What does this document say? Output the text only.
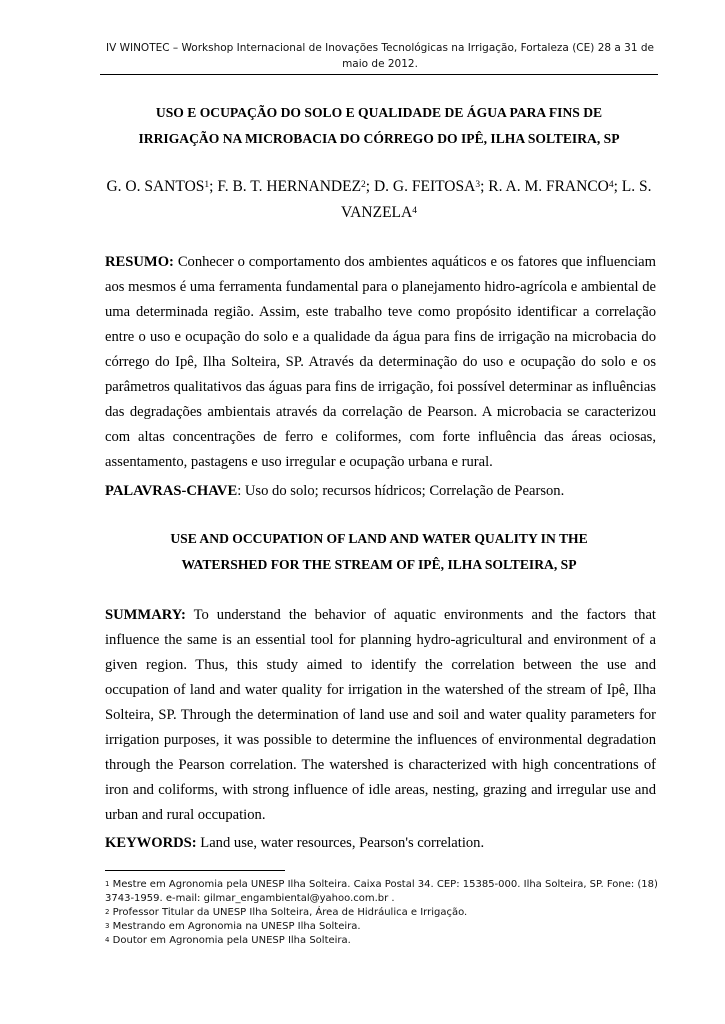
IV WINOTEC – Workshop Internacional de Inovações Tecnológicas na Irrigação, Fortaleza (CE) 28 a 31 de
maio de 2012.
USO E OCUPAÇÃO DO SOLO E QUALIDADE DE ÁGUA PARA FINS DE
IRRIGAÇÃO NA MICROBACIA DO CÓRREGO DO IPÊ, ILHA SOLTEIRA, SP
G. O. SANTOS$^1$; F. B. T. HERNANDEZ$^2$; D. G. FEITOSA$^3$; R. A. M. FRANCO$^4$; L. S. VANZELA$^4$
RESUMO: Conhecer o comportamento dos ambientes aquáticos e os fatores que influenciam aos mesmos é uma ferramenta fundamental para o planejamento hidro-agrícola e ambiental de uma determinada região. Assim, este trabalho teve como propósito identificar a correlação entre o uso e ocupação do solo e a qualidade da água para fins de irrigação na microbacia do córrego do Ipê, Ilha Solteira, SP. Através da determinação do uso e ocupação do solo e os parâmetros qualitativos das águas para fins de irrigação, foi possível determinar as influências das degradações ambientais através da correlação de Pearson. A microbacia se caracterizou com altas concentrações de ferro e coliformes, com forte influência das áreas ociosas, assentamento, pastagens e uso irregular e ocupação urbana e rural.
PALAVRAS-CHAVE: Uso do solo; recursos hídricos; Correlação de Pearson.
USE AND OCCUPATION OF LAND AND WATER QUALITY IN THE
WATERSHED FOR THE STREAM OF IPÊ, ILHA SOLTEIRA, SP
SUMMARY: To understand the behavior of aquatic environments and the factors that influence the same is an essential tool for planning hydro-agricultural and environment of a given region. Thus, this study aimed to identify the correlation between the use and occupation of land and water quality for irrigation in the watershed of the stream of Ipê, Ilha Solteira, SP. Through the determination of land use and soil and water quality parameters for irrigation purposes, it was possible to determine the influences of environmental degradation through the Pearson correlation. The watershed is characterized with high concentrations of iron and coliforms, with strong influence of idle areas, nesting, grazing and irregular use and urban and rural occupation.
KEYWORDS: Land use, water resources, Pearson's correlation.

$^1$ Mestre em Agronomia pela UNESP Ilha Solteira. Caixa Postal 34. CEP: 15385-000. Ilha Solteira, SP. Fone: (18) 3743-1959. e-mail: gilmar_engambiental@yahoo.com.br .

$^2$ Professor Titular da UNESP Ilha Solteira, Área de Hidráulica e Irrigação.

$^3$ Mestrando em Agronomia na UNESP Ilha Solteira.

$^4$ Doutor em Agronomia pela UNESP Ilha Solteira.
